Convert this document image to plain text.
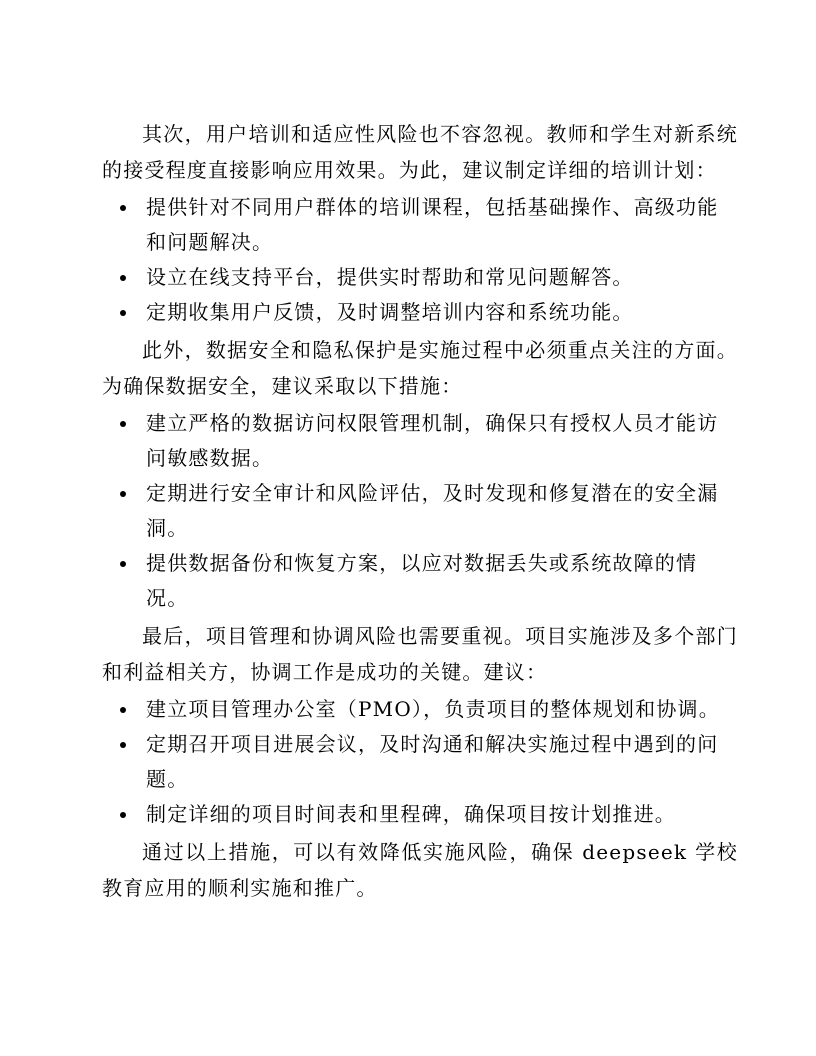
其次，用户培训和适应性风险也不容忽视。教师和学生对新系统的接受程度直接影响应用效果。为此，建议制定详细的培训计划：

提供针对不同用户群体的培训课程，包括基础操作、高级功能和问题解决。
设立在线支持平台，提供实时帮助和常见问题解答。
定期收集用户反馈，及时调整培训内容和系统功能。

此外，数据安全和隐私保护是实施过程中必须重点关注的方面。为确保数据安全，建议采取以下措施：

建立严格的数据访问权限管理机制，确保只有授权人员才能访问敏感数据。
定期进行安全审计和风险评估，及时发现和修复潜在的安全漏洞。
提供数据备份和恢复方案，以应对数据丢失或系统故障的情况。

最后，项目管理和协调风险也需要重视。项目实施涉及多个部门和利益相关方，协调工作是成功的关键。建议：

建立项目管理办公室（PMO），负责项目的整体规划和协调。
定期召开项目进展会议，及时沟通和解决实施过程中遇到的问题。
制定详细的项目时间表和里程碑，确保项目按计划推进。

通过以上措施，可以有效降低实施风险，确保 deepseek 学校教育应用的顺利实施和推广。
